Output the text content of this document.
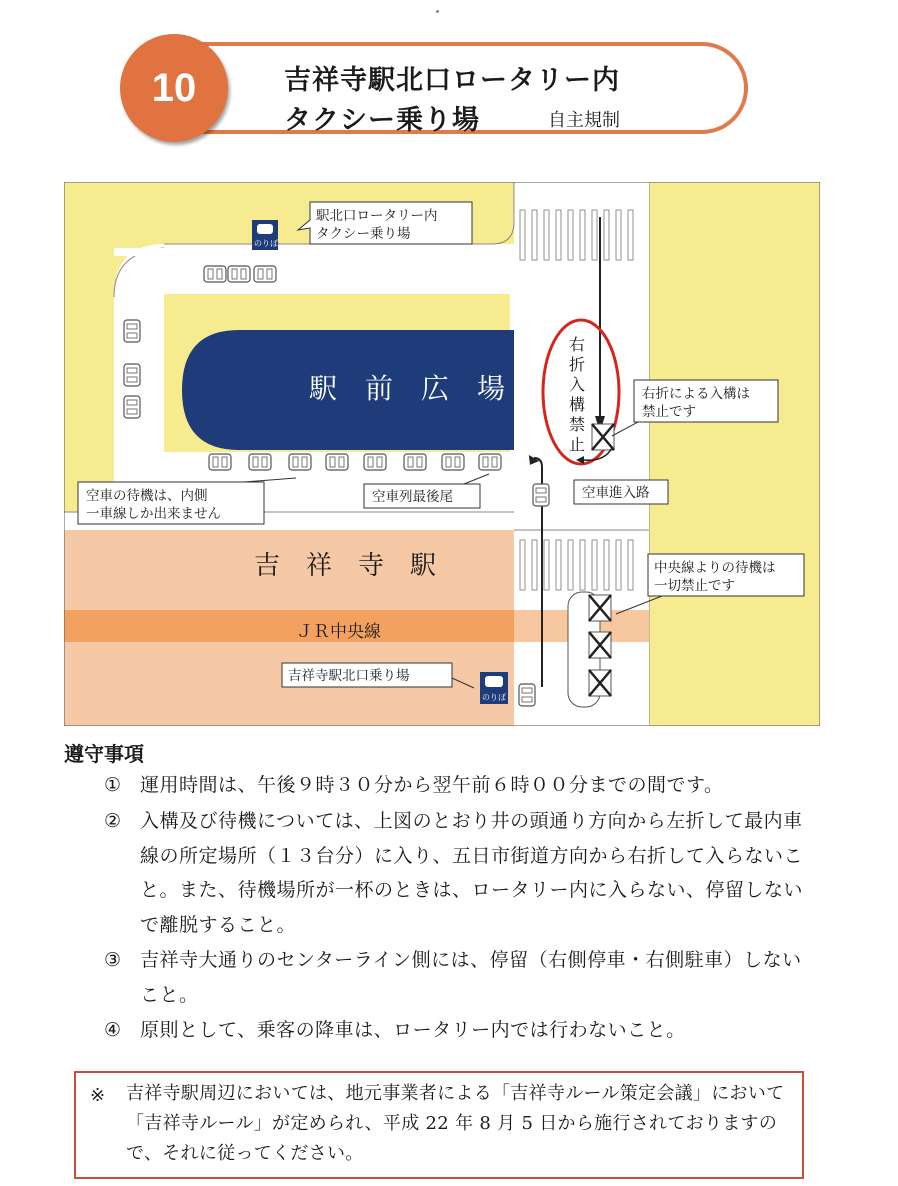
10	吉祥寺駅北口ロータリー内
タクシー乗り場	自主規制
駅　前　広　場
吉　祥　寺　駅
ＪＲ中央線
右
折
入
構
禁
止
のりば
のりば
駅北口ロータリー内
タクシー乗り場
右折による入構は
禁止です
空車の待機は、内側
一車線しか出来ません
空車列最後尾	空車進入路
中央線よりの待機は
一切禁止です
吉祥寺駅北口乗り場
遵守事項
① 運用時間は、午後９時３０分から翌午前６時００分までの間です。
② 入構及び待機については、上図のとおり井の頭通り方向から左折して最内車線の所定場所（１３台分）に入り、五日市街道方向から右折して入らないこと。また、待機場所が一杯のときは、ロータリー内に入らない、停留しないで離脱すること。
③ 吉祥寺大通りのセンターライン側には、停留（右側停車・右側駐車）しないこと。
④ 原則として、乗客の降車は、ロータリー内では行わないこと。
※ 吉祥寺駅周辺においては、地元事業者による「吉祥寺ルール策定会議」において「吉祥寺ルール」が定められ、平成 22 年 8 月 5 日から施行されておりますので、それに従ってください。
